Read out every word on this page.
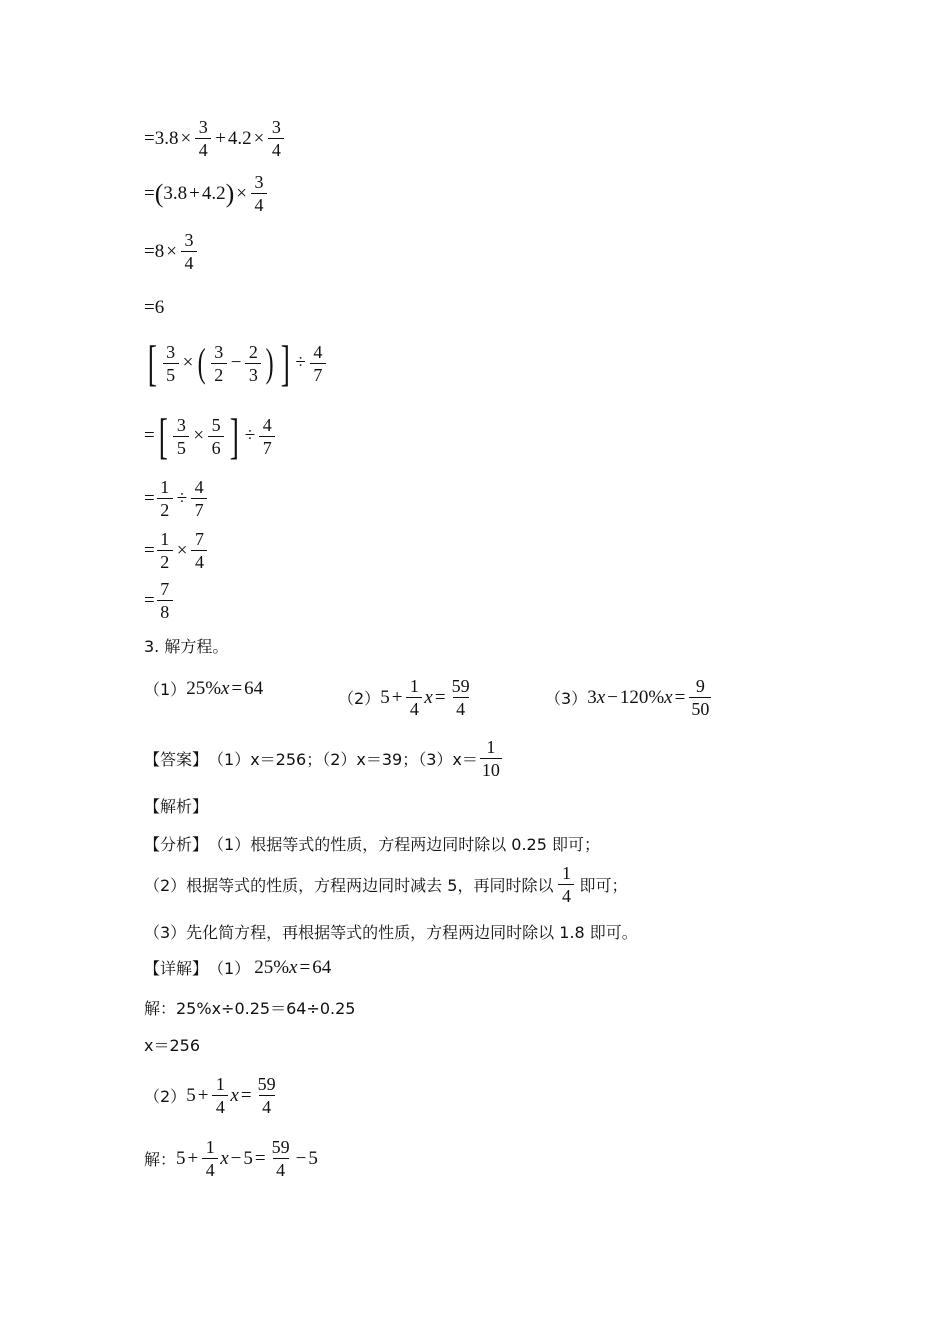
= $3.8 \times \frac{3}{4} + 4.2 \times \frac{3}{4}$
= ( 3.8 + 4.2 ) × $\frac{3}{4}$
= $8 \times \frac{3}{4}$
= 6
[ $\frac{3}{5}$ × ( $\frac{3}{2} - \frac{2}{3}$ ) ] ÷ $\frac{4}{7}$
= [ $\frac{3}{5} \times \frac{5}{6}$ ] ÷ $\frac{4}{7}$
= $\frac{1}{2} \div \frac{4}{7}$
= $\frac{1}{2} \times \frac{7}{4}$
= $\frac{7}{8}$
3. 解方程。
（1） 25% x = 64	（2） $5 + \frac{1}{4}$ $x = \frac{59}{4}$	（3） 3 x − 120% $x = \frac{9}{50}$
【答案】 （1）x＝256；（2）x＝39；$(3)x= \frac{1}{10}$
【解析】
【分析】 （1）根据等式的性质，方程两边同时除以 0.25 即可；
（2）根据等式的性质，方程两边同时减去 5，再同时除以 $\frac{1}{4}$ 即可；
（3）先化简方程，再根据等式的性质，方程两边同时除以 1.8 即可。
【详解】 （1） 25% x = 64
解：25%x÷0.25＝64÷0.25
x＝256
（2） $5 + \frac{1}{4}$ $x = \frac{59}{4}$
解： $5 + \frac{1}{4}$ $x - 5 = \frac{59}{4} - 5$
